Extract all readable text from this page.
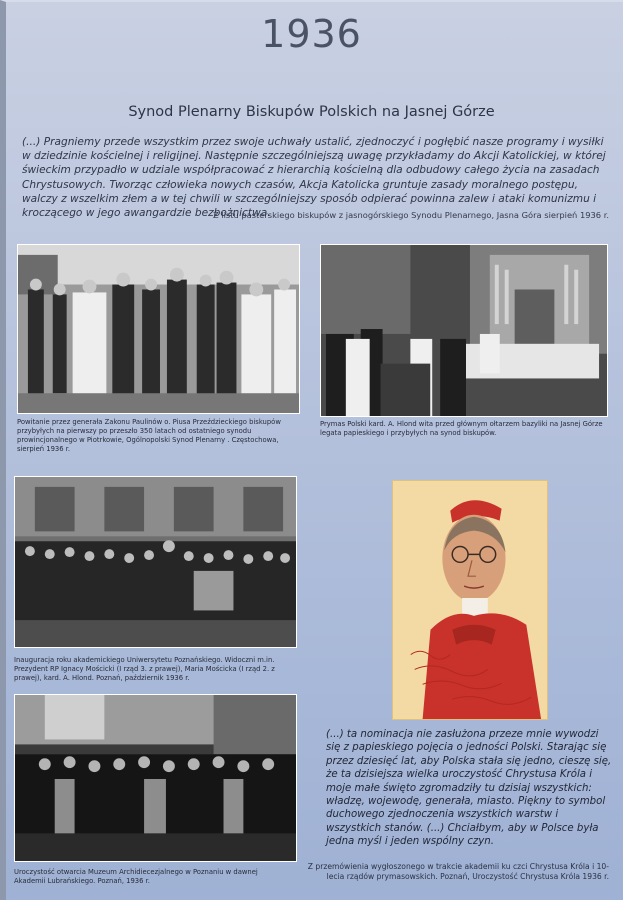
1936
Synod Plenarny Biskupów Polskich na Jasnej Górze
(...) Pragniemy przede wszystkim przez swoje uchwały ustalić, zjednoczyć i pogłębić nasze programy i wysiłki w dziedzinie kościelnej i religijnej. Następnie szczególniejszą uwagę przykładamy do Akcji Katolickiej, w której świeckim przypadło w udziale współpracować z hierarchią kościelną dla odbudowy całego życia na zasadach Chrystusowych. Tworząc człowieka nowych czasów, Akcja Katolicka gruntuje zasady moralnego postępu, walczy z wszelkim złem a w tej chwili w szczególniejszy sposób odpierać powinna zalew i ataki komunizmu i kroczącego w jego awangardzie bezbożnictwa.
Z listu pasterskiego biskupów z jasnogórskiego Synodu Plenarnego, Jasna Góra sierpień 1936 r.
Powitanie przez generała Zakonu Paulinów o. Piusa Przeździeckiego biskupów przybyłych na pierwszy po przeszło 350 latach od ostatniego synodu prowincjonalnego w Piotrkowie, Ogólnopolski Synod Plenarny . Częstochowa, sierpień 1936 r.
Prymas Polski kard. A. Hlond wita przed głównym ołtarzem bazyliki na Jasnej Górze legata papieskiego i przybyłych na synod biskupów.
Inauguracja roku akademickiego Uniwersytetu Poznańskiego. Widoczni m.in. Prezydent RP Ignacy Mościcki (I rząd 3. z prawej), Maria Mościcka (I rząd 2. z prawej), kard. A. Hlond. Poznań, październik 1936 r.
Uroczystość otwarcia Muzeum Archidiecezjalnego w Poznaniu w dawnej Akademii Lubrańskiego. Poznań, 1936 r.
(...) ta nominacja nie zasłużona przeze mnie wywodzi się z papieskiego pojęcia o jedności Polski. Starając się przez dziesięć lat, aby Polska stała się jedno, cieszę się, że ta dzisiejsza wielka uroczystość Chrystusa Króla i moje małe święto zgromadziły tu dzisiaj wszystkich: władzę, wojewodę, generała, miasto. Piękny to symbol duchowego zjednoczenia wszystkich warstw i wszystkich stanów. (...) Chciałbym, aby w Polsce była jedna myśl i jeden wspólny czyn.
Z przemówienia wygłoszonego w trakcie akademii ku czci Chrystusa Króla i 10-lecia rządów prymasowskich. Poznań, Uroczystość Chrystusa Króla 1936 r.
